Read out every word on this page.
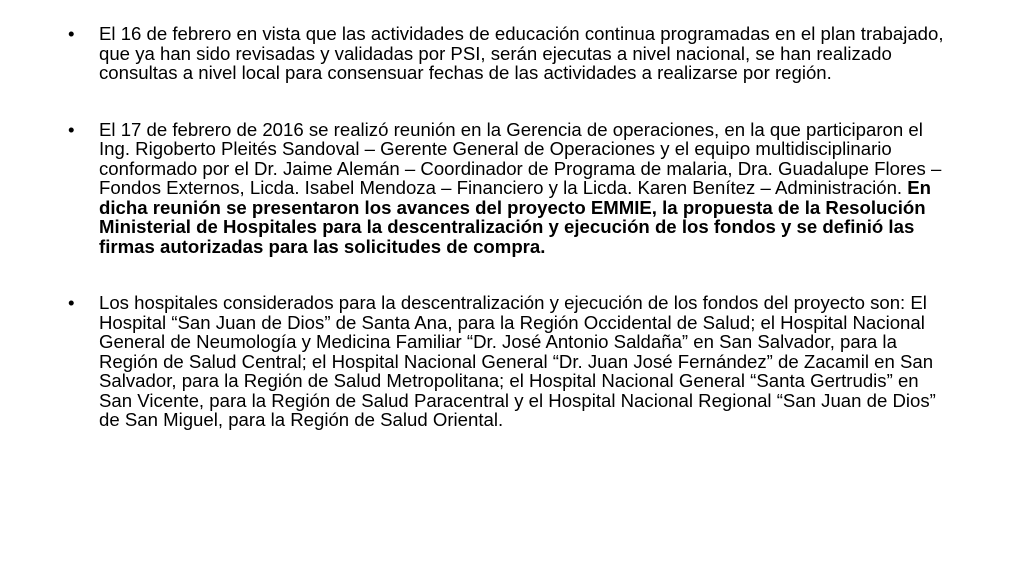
• El 16 de febrero en vista que las actividades de educación continua programadas en el plan trabajado, que ya han sido revisadas y validadas por PSI, serán ejecutas a nivel nacional, se han realizado consultas a nivel local para consensuar fechas de las actividades a realizarse por región.
• El 17 de febrero de 2016 se realizó reunión en la Gerencia de operaciones, en la que participaron el Ing. Rigoberto Pleités Sandoval – Gerente General de Operaciones y el equipo multidisciplinario conformado por el Dr. Jaime Alemán – Coordinador de Programa de malaria, Dra. Guadalupe Flores – Fondos Externos, Licda. Isabel Mendoza – Financiero y la Licda. Karen Benítez – Administración. En dicha reunión se presentaron los avances del proyecto EMMIE, la propuesta de la Resolución Ministerial de Hospitales para la descentralización y ejecución de los fondos y se definió las firmas autorizadas para las solicitudes de compra.
• Los hospitales considerados para la descentralización y ejecución de los fondos del proyecto son: El Hospital “San Juan de Dios” de Santa Ana, para la Región Occidental de Salud; el Hospital Nacional General de Neumología y Medicina Familiar “Dr. José Antonio Saldaña” en San Salvador, para la Región de Salud Central; el Hospital Nacional General “Dr. Juan José Fernández” de Zacamil en San Salvador, para la Región de Salud Metropolitana; el Hospital Nacional General “Santa Gertrudis” en San Vicente, para la Región de Salud Paracentral y el Hospital Nacional Regional “San Juan de Dios” de San Miguel, para la Región de Salud Oriental.
